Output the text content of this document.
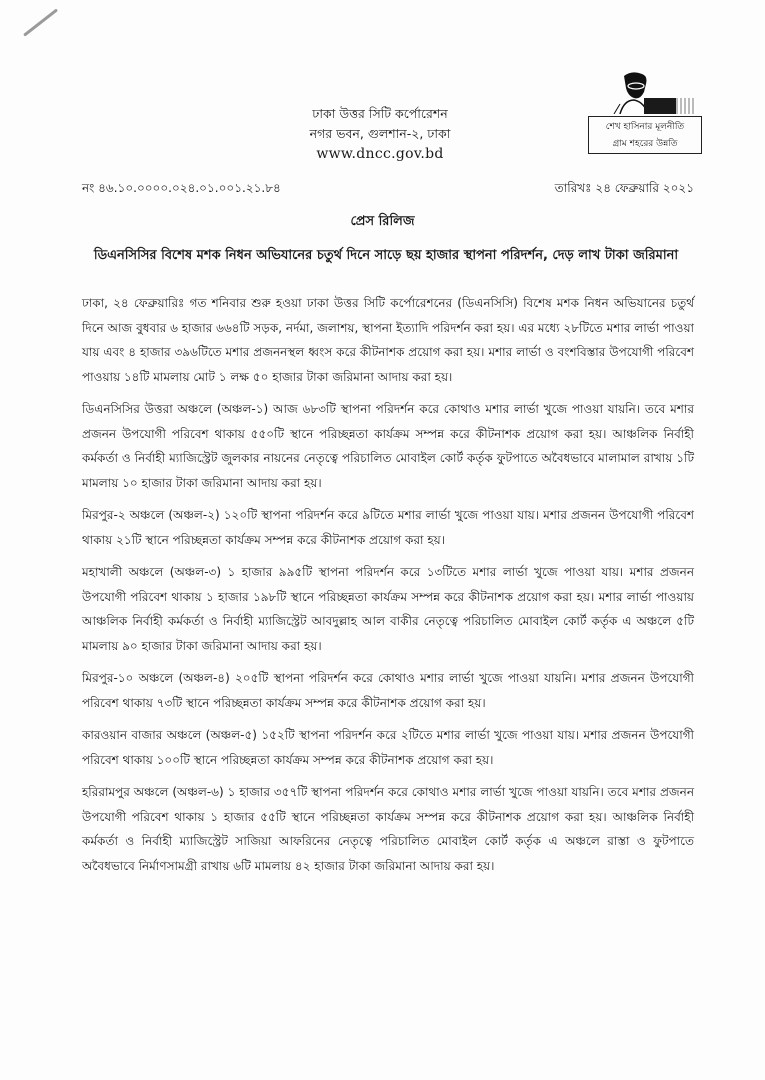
ঢাকা উত্তর সিটি কর্পোরেশন
নগর ভবন, গুলশান-২, ঢাকা
www.dncc.gov.bd
শেখ হাসিনার মূলনীতি
গ্রাম শহরের উন্নতি
নং ৪৬.১০.০০০০.০২৪.০১.০০১.২১.৮৪	তারিখঃ ২৪ ফেব্রুয়ারি ২০২১
প্রেস রিলিজ
ডিএনসিসির বিশেষ মশক নিধন অভিযানের চতুর্থ দিনে সাড়ে ছয় হাজার স্থাপনা পরিদর্শন, দেড় লাখ টাকা জরিমানা

ঢাকা, ২৪ ফেব্রুয়ারিঃ গত শনিবার শুরু হওয়া ঢাকা উত্তর সিটি কর্পোরেশনের (ডিএনসিসি) বিশেষ মশক নিধন অভিযানের চতুর্থ দিনে আজ বুধবার ৬ হাজার ৬৬৪টি সড়ক, নর্দমা, জলাশয়, স্থাপনা ইত্যাদি পরিদর্শন করা হয়। এর মধ্যে ২৮টিতে মশার লার্ভা পাওয়া যায় এবং ৪ হাজার ৩৯৬টিতে মশার প্রজননস্থল ধ্বংস করে কীটনাশক প্রয়োগ করা হয়। মশার লার্ভা ও বংশবিস্তার উপযোগী পরিবেশ পাওয়ায় ১৪টি মামলায় মোট ১ লক্ষ ৫০ হাজার টাকা জরিমানা আদায় করা হয়।

ডিএনসিসির উত্তরা অঞ্চলে (অঞ্চল-১) আজ ৬৮৩টি স্থাপনা পরিদর্শন করে কোথাও মশার লার্ভা খুজে পাওয়া যায়নি। তবে মশার প্রজনন উপযোগী পরিবেশ থাকায় ৫৫০টি স্থানে পরিচ্ছন্নতা কার্যক্রম সম্পন্ন করে কীটনাশক প্রয়োগ করা হয়। আঞ্চলিক নির্বাহী কর্মকর্তা ও নির্বাহী ম্যাজিস্ট্রেট জুলকার নায়নের নেতৃত্বে পরিচালিত মোবাইল কোর্ট কর্তৃক ফুটপাতে অবৈধভাবে মালামাল রাখায় ১টি মামলায় ১০ হাজার টাকা জরিমানা আদায় করা হয়।

মিরপুর-২ অঞ্চলে (অঞ্চল-২) ১২০টি স্থাপনা পরিদর্শন করে ৯টিতে মশার লার্ভা খুজে পাওয়া যায়। মশার প্রজনন উপযোগী পরিবেশ থাকায় ২১টি স্থানে পরিচ্ছন্নতা কার্যক্রম সম্পন্ন করে কীটনাশক প্রয়োগ করা হয়।

মহাখালী অঞ্চলে (অঞ্চল-৩) ১ হাজার ৯৯৫টি স্থাপনা পরিদর্শন করে ১৩টিতে মশার লার্ভা খুজে পাওয়া যায়। মশার প্রজনন উপযোগী পরিবেশ থাকায় ১ হাজার ১৯৮টি স্থানে পরিচ্ছন্নতা কার্যক্রম সম্পন্ন করে কীটনাশক প্রয়োগ করা হয়। মশার লার্ভা পাওয়ায় আঞ্চলিক নির্বাহী কর্মকর্তা ও নির্বাহী ম্যাজিস্ট্রেট আবদুল্লাহ আল বাকীর নেতৃত্বে পরিচালিত মোবাইল কোর্ট কর্তৃক এ অঞ্চলে ৫টি মামলায় ৯০ হাজার টাকা জরিমানা আদায় করা হয়।

মিরপুর-১০ অঞ্চলে (অঞ্চল-৪) ২০৫টি স্থাপনা পরিদর্শন করে কোথাও মশার লার্ভা খুজে পাওয়া যায়নি। মশার প্রজনন উপযোগী পরিবেশ থাকায় ৭৩টি স্থানে পরিচ্ছন্নতা কার্যক্রম সম্পন্ন করে কীটনাশক প্রয়োগ করা হয়।

কারওয়ান বাজার অঞ্চলে (অঞ্চল-৫) ১৫২টি স্থাপনা পরিদর্শন করে ২টিতে মশার লার্ভা খুজে পাওয়া যায়। মশার প্রজনন উপযোগী পরিবেশ থাকায় ১০০টি স্থানে পরিচ্ছন্নতা কার্যক্রম সম্পন্ন করে কীটনাশক প্রয়োগ করা হয়।

হরিরামপুর অঞ্চলে (অঞ্চল-৬) ১ হাজার ৩৫৭টি স্থাপনা পরিদর্শন করে কোথাও মশার লার্ভা খুজে পাওয়া যায়নি। তবে মশার প্রজনন উপযোগী পরিবেশ থাকায় ১ হাজার ৫৫টি স্থানে পরিচ্ছন্নতা কার্যক্রম সম্পন্ন করে কীটনাশক প্রয়োগ করা হয়। আঞ্চলিক নির্বাহী কর্মকর্তা ও নির্বাহী ম্যাজিস্ট্রেট সাজিয়া আফরিনের নেতৃত্বে পরিচালিত মোবাইল কোর্ট কর্তৃক এ অঞ্চলে রাস্তা ও ফুটপাতে অবৈধভাবে নির্মাণসামগ্রী রাখায় ৬টি মামলায় ৪২ হাজার টাকা জরিমানা আদায় করা হয়।
